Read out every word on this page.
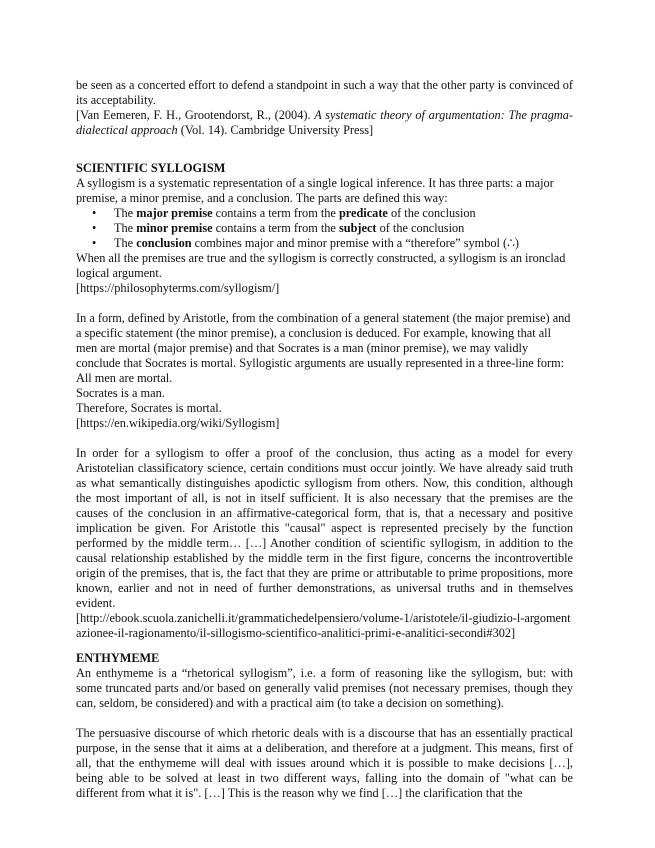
be seen as a concerted effort to defend a standpoint in such a way that the other party is convinced of its acceptability.

[Van Eemeren, F. H., Grootendorst, R., (2004). A systematic theory of argumentation: The pragma-dialectical approach (Vol. 14). Cambridge University Press]

SCIENTIFIC SYLLOGISM

A syllogism is a systematic representation of a single logical inference. It has three parts: a major premise, a minor premise, and a conclusion. The parts are defined this way:

• The major premise contains a term from the predicate of the conclusion
• The minor premise contains a term from the subject of the conclusion
• The conclusion combines major and minor premise with a “therefore” symbol (∴)

When all the premises are true and the syllogism is correctly constructed, a syllogism is an ironclad logical argument.

[https://philosophyterms.com/syllogism/]

In a form, defined by Aristotle, from the combination of a general statement (the major premise) and a specific statement (the minor premise), a conclusion is deduced. For example, knowing that all men are mortal (major premise) and that Socrates is a man (minor premise), we may validly conclude that Socrates is mortal. Syllogistic arguments are usually represented in a three-line form:

All men are mortal.

Socrates is a man.

Therefore, Socrates is mortal.

[https://en.wikipedia.org/wiki/Syllogism]

In order for a syllogism to offer a proof of the conclusion, thus acting as a model for every Aristotelian classificatory science, certain conditions must occur jointly. We have already said truth as what semantically distinguishes apodictic syllogism from others. Now, this condition, although the most important of all, is not in itself sufficient. It is also necessary that the premises are the causes of the conclusion in an affirmative-categorical form, that is, that a necessary and positive implication be given. For Aristotle this "causal" aspect is represented precisely by the function performed by the middle term… […] Another condition of scientific syllogism, in addition to the causal relationship established by the middle term in the first figure, concerns the incontrovertible origin of the premises, that is, the fact that they are prime or attributable to prime propositions, more known, earlier and not in need of further demonstrations, as universal truths and in themselves evident.

[http://ebook.scuola.zanichelli.it/grammatichedelpensiero/volume-1/aristotele/il-giudizio-l-argomentazionee-il-ragionamento/il-sillogismo-scientifico-analitici-primi-e-analitici-secondi#302]

ENTHYMEME

An enthymeme is a “rhetorical syllogism”, i.e. a form of reasoning like the syllogism, but: with some truncated parts and/or based on generally valid premises (not necessary premises, though they can, seldom, be considered) and with a practical aim (to take a decision on something).

The persuasive discourse of which rhetoric deals with is a discourse that has an essentially practical purpose, in the sense that it aims at a deliberation, and therefore at a judgment. This means, first of all, that the enthymeme will deal with issues around which it is possible to make decisions […], being able to be solved at least in two different ways, falling into the domain of "what can be different from what it is". […] This is the reason why we find […] the clarification that the
